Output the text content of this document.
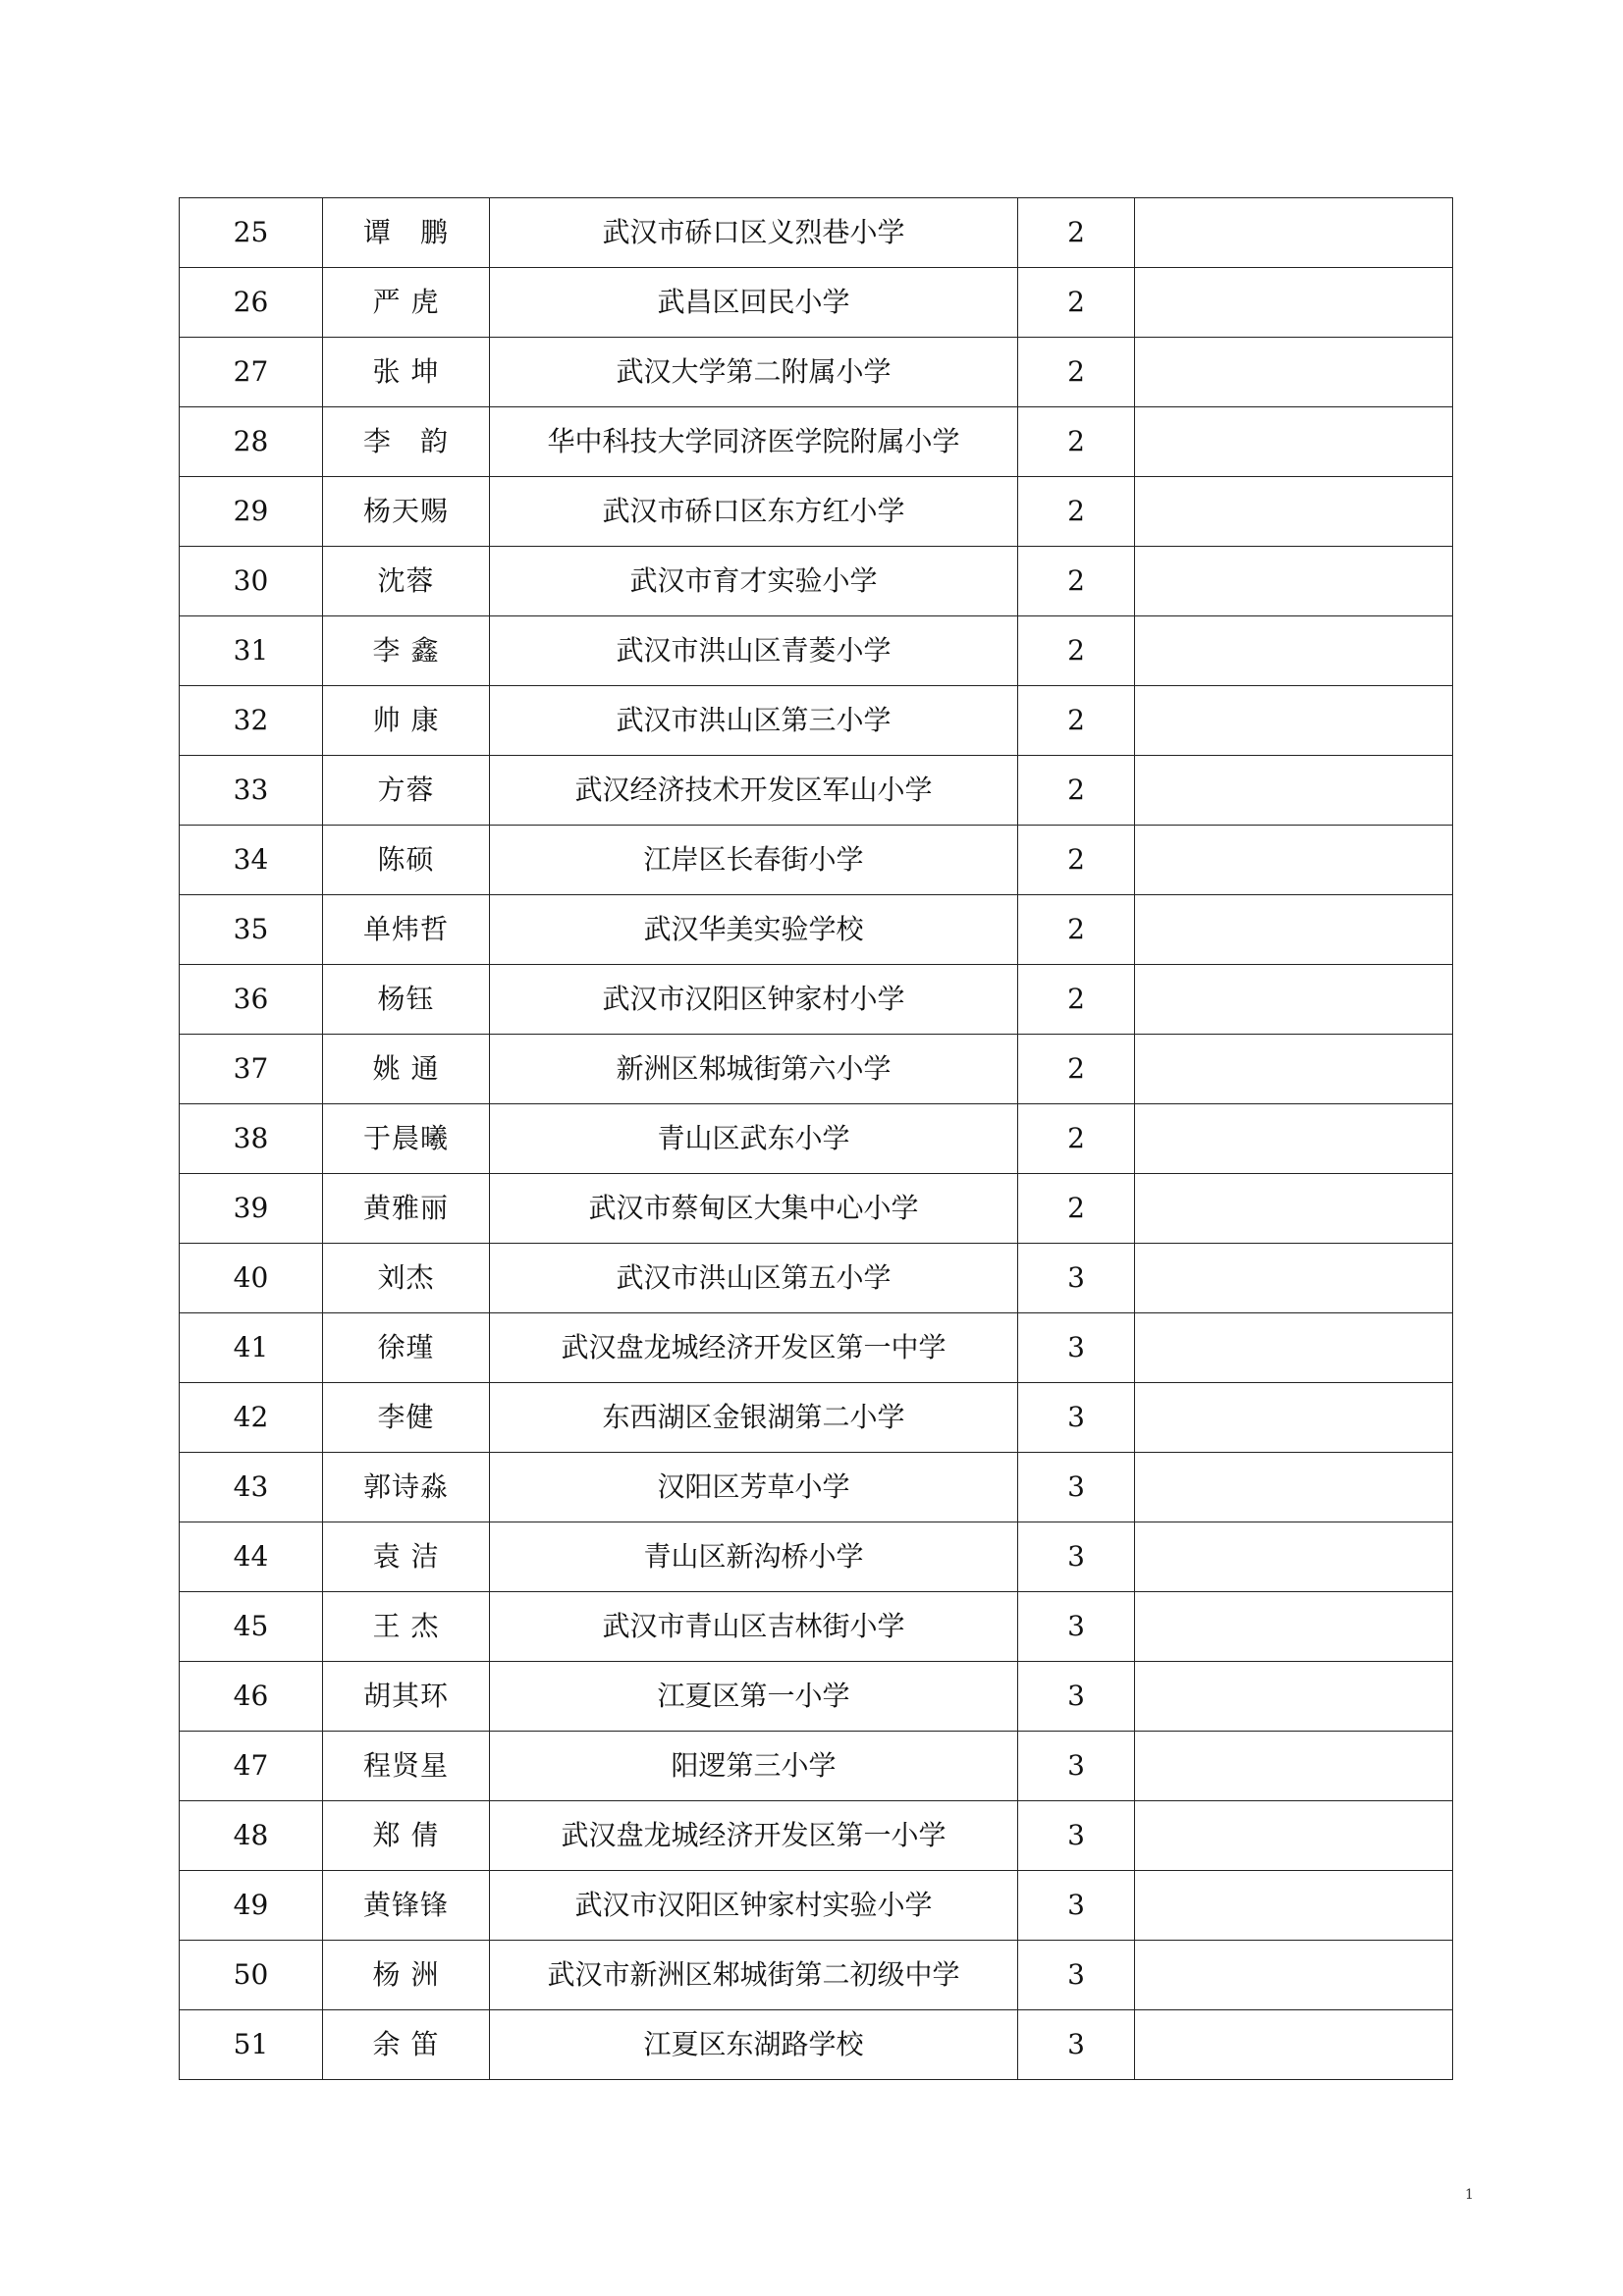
25	谭　鹏	武汉市硚口区义烈巷小学	2	
26	严 虎	武昌区回民小学	2	
27	张 坤	武汉大学第二附属小学	2	
28	李　韵	华中科技大学同济医学院附属小学	2	
29	杨天赐	武汉市硚口区东方红小学	2	
30	沈蓉	武汉市育才实验小学	2	
31	李 鑫	武汉市洪山区青菱小学	2	
32	帅 康	武汉市洪山区第三小学	2	
33	方蓉	武汉经济技术开发区军山小学	2	
34	陈硕	江岸区长春街小学	2	
35	单炜哲	武汉华美实验学校	2	
36	杨钰	武汉市汉阳区钟家村小学	2	
37	姚 通	新洲区邾城街第六小学	2	
38	于晨曦	青山区武东小学	2	
39	黄雅丽	武汉市蔡甸区大集中心小学	2	
40	刘杰	武汉市洪山区第五小学	3	
41	徐瑾	武汉盘龙城经济开发区第一中学	3	
42	李健	东西湖区金银湖第二小学	3	
43	郭诗淼	汉阳区芳草小学	3	
44	袁 洁	青山区新沟桥小学	3	
45	王 杰	武汉市青山区吉林街小学	3	
46	胡其环	江夏区第一小学	3	
47	程贤星	阳逻第三小学	3	
48	郑 倩	武汉盘龙城经济开发区第一小学	3	
49	黄锋锋	武汉市汉阳区钟家村实验小学	3	
50	杨 洲	武汉市新洲区邾城街第二初级中学	3	
51	余 笛	江夏区东湖路学校	3	
1
